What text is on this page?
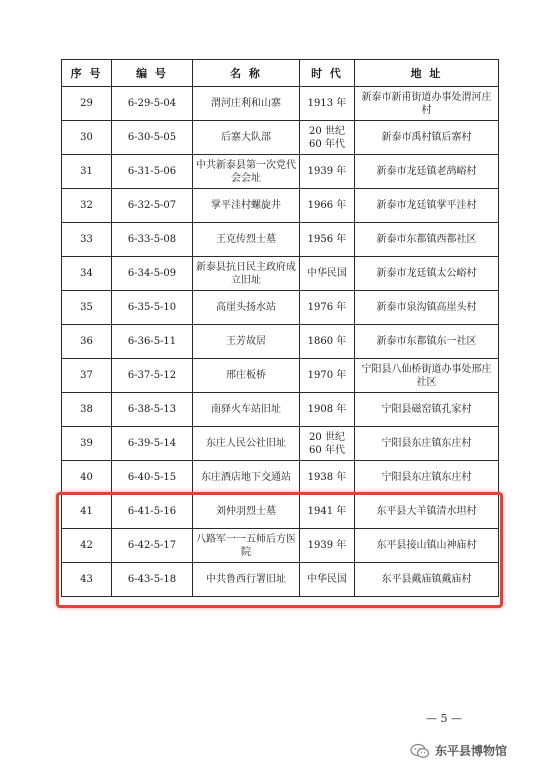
序 号	编 号	名 称	时 代	地 址
29	6-29-5-04	渭河庄利和山寨	1913 年	新泰市新甫街道办事处渭河庄村
30	6-30-5-05	后寨大队部	20 世纪 60 年代	新泰市禹村镇后寨村
31	6-31-5-06	中共新泰县第一次党代会会址	1939 年	新泰市龙廷镇老鸹峪村
32	6-32-5-07	掌平洼村螺旋井	1966 年	新泰市龙廷镇掌平洼村
33	6-33-5-08	王克传烈士墓	1956 年	新泰市东都镇西都社区
34	6-34-5-09	新泰县抗日民主政府成立旧址	中华民国	新泰市龙廷镇太公峪村
35	6-35-5-10	高崖头扬水站	1976 年	新泰市泉沟镇高崖头村
36	6-36-5-11	王芳故居	1860 年	新泰市东都镇东一社区
37	6-37-5-12	邢庄板桥	1970 年	宁阳县八仙桥街道办事处邢庄社区
38	6-38-5-13	南驿火车站旧址	1908 年	宁阳县磁窑镇孔家村
39	6-39-5-14	东庄人民公社旧址	20 世纪 60 年代	宁阳县东庄镇东庄村
40	6-40-5-15	东庄酒店地下交通站	1938 年	宁阳县东庄镇东庄村
41	6-41-5-16	刘仲羽烈士墓	1941 年	东平县大羊镇清水坦村
42	6-42-5-17	八路军一一五师后方医院	1939 年	东平县接山镇山神庙村
43	6-43-5-18	中共鲁西行署旧址	中华民国	东平县戴庙镇戴庙村
— 5 —
东平县博物馆
